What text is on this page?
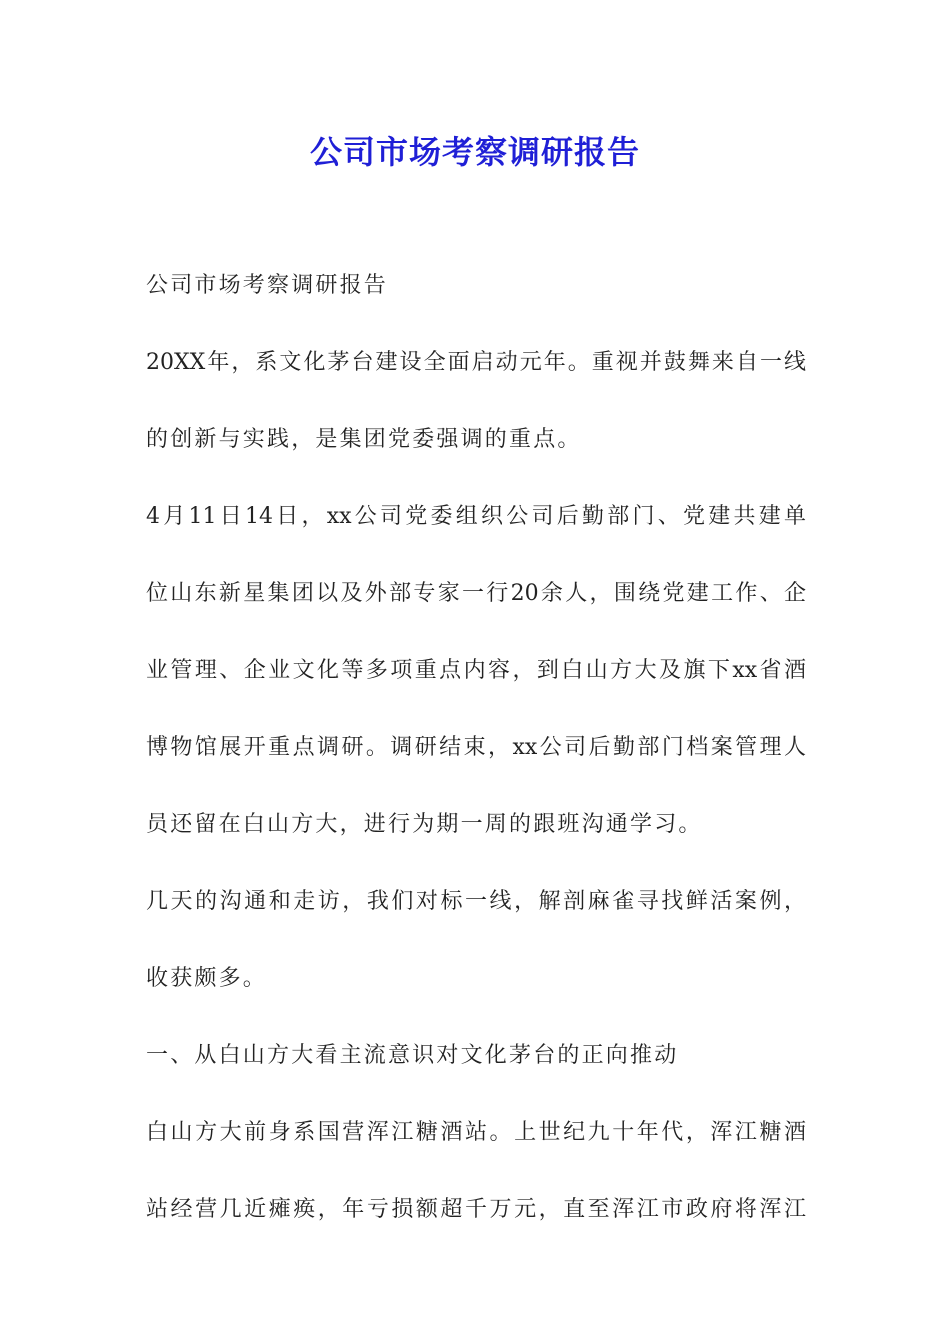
公司市场考察调研报告
公司市场考察调研报告
20XX年，系文化茅台建设全面启动元年。重视并鼓舞来自一线
的创新与实践，是集团党委强调的重点。
4月11日14日，xx公司党委组织公司后勤部门、党建共建单
位山东新星集团以及外部专家一行20余人，围绕党建工作、企
业管理、企业文化等多项重点内容，到白山方大及旗下xx省酒
博物馆展开重点调研。调研结束，xx公司后勤部门档案管理人
员还留在白山方大，进行为期一周的跟班沟通学习。
几天的沟通和走访，我们对标一线，解剖麻雀寻找鲜活案例，
收获颇多。
一、从白山方大看主流意识对文化茅台的正向推动
白山方大前身系国营浑江糖酒站。上世纪九十年代，浑江糖酒
站经营几近瘫痪，年亏损额超千万元，直至浑江市政府将浑江
